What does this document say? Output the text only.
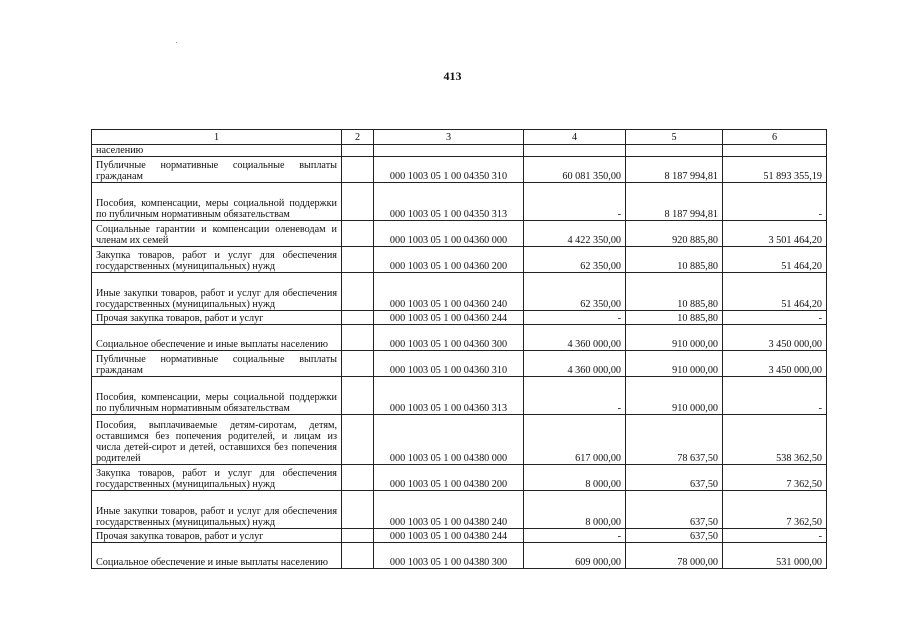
413
1	2	3	4	5	6
населению					
Публичные нормативные социальные выплаты гражданам		000 1003 05 1 00 04350 310	60 081 350,00	8 187 994,81	51 893 355,19
Пособия, компенсации, меры социальной поддержки по публичным нормативным обязательствам		000 1003 05 1 00 04350 313	-	8 187 994,81	-
Социальные гарантии и компенсации оленеводам и членам их семей		000 1003 05 1 00 04360 000	4 422 350,00	920 885,80	3 501 464,20
Закупка товаров, работ и услуг для обеспечения государственных (муниципальных) нужд		000 1003 05 1 00 04360 200	62 350,00	10 885,80	51 464,20
Иные закупки товаров, работ и услуг для обеспечения государственных (муниципальных) нужд		000 1003 05 1 00 04360 240	62 350,00	10 885,80	51 464,20
Прочая закупка товаров, работ и услуг		000 1003 05 1 00 04360 244	-	10 885,80	-
Социальное обеспечение и иные выплаты населению		000 1003 05 1 00 04360 300	4 360 000,00	910 000,00	3 450 000,00
Публичные нормативные социальные выплаты гражданам		000 1003 05 1 00 04360 310	4 360 000,00	910 000,00	3 450 000,00
Пособия, компенсации, меры социальной поддержки по публичным нормативным обязательствам		000 1003 05 1 00 04360 313	-	910 000,00	-
Пособия, выплачиваемые детям-сиротам, детям, оставшимся без попечения родителей, и лицам из числа детей-сирот и детей, оставшихся без попечения родителей		000 1003 05 1 00 04380 000	617 000,00	78 637,50	538 362,50
Закупка товаров, работ и услуг для обеспечения государственных (муниципальных) нужд		000 1003 05 1 00 04380 200	8 000,00	637,50	7 362,50
Иные закупки товаров, работ и услуг для обеспечения государственных (муниципальных) нужд		000 1003 05 1 00 04380 240	8 000,00	637,50	7 362,50
Прочая закупка товаров, работ и услуг		000 1003 05 1 00 04380 244	-	637,50	-
Социальное обеспечение и иные выплаты населению		000 1003 05 1 00 04380 300	609 000,00	78 000,00	531 000,00
